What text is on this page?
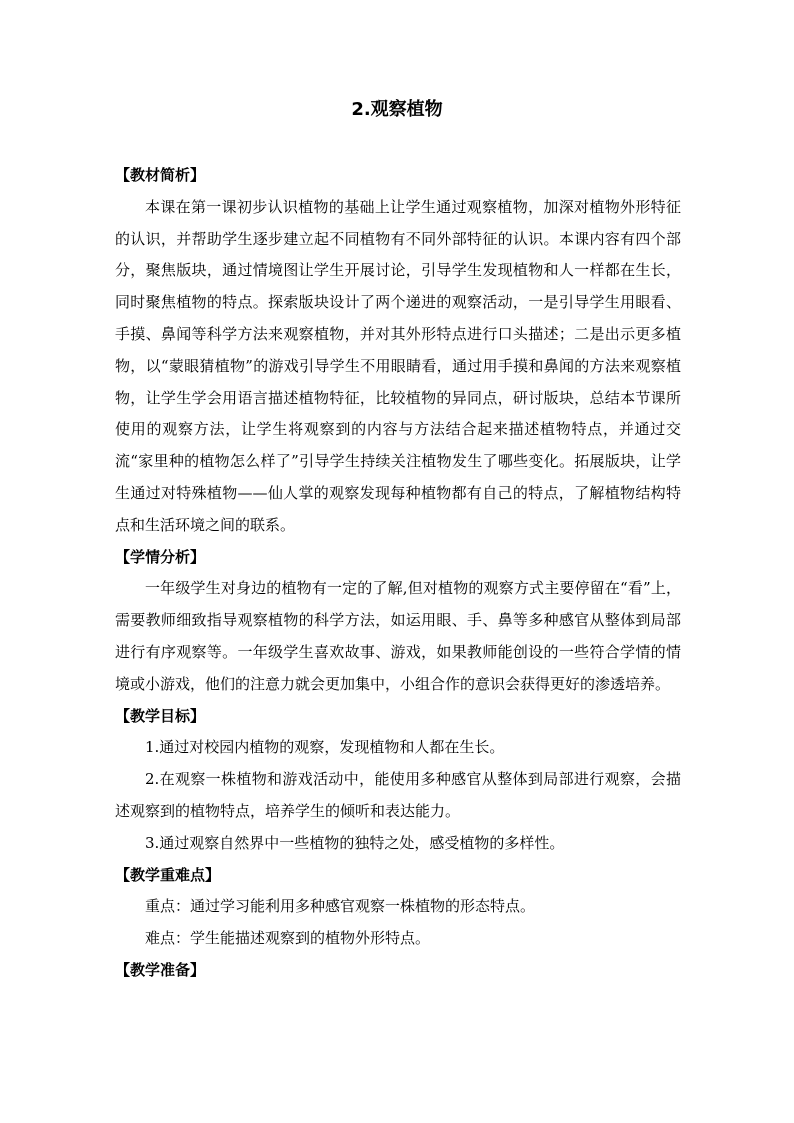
2.观察植物

【教材简析】

本课在第一课初步认识植物的基础上让学生通过观察植物，加深对植物外形特征的认识，并帮助学生逐步建立起不同植物有不同外部特征的认识。本课内容有四个部分，聚焦版块，通过情境图让学生开展讨论，引导学生发现植物和人一样都在生长，同时聚焦植物的特点。探索版块设计了两个递进的观察活动，一是引导学生用眼看、手摸、鼻闻等科学方法来观察植物，并对其外形特点进行口头描述；二是出示更多植物，以“蒙眼猜植物”的游戏引导学生不用眼睛看，通过用手摸和鼻闻的方法来观察植物，让学生学会用语言描述植物特征，比较植物的异同点，研讨版块，总结本节课所使用的观察方法，让学生将观察到的内容与方法结合起来描述植物特点，并通过交流“家里种的植物怎么样了”引导学生持续关注植物发生了哪些变化。拓展版块，让学生通过对特殊植物——仙人掌的观察发现每种植物都有自己的特点，了解植物结构特点和生活环境之间的联系。

【学情分析】

一年级学生对身边的植物有一定的了解,但对植物的观察方式主要停留在“看”上，需要教师细致指导观察植物的科学方法，如运用眼、手、鼻等多种感官从整体到局部进行有序观察等。一年级学生喜欢故事、游戏，如果教师能创设的一些符合学情的情境或小游戏，他们的注意力就会更加集中，小组合作的意识会获得更好的渗透培养。

【教学目标】

1.通过对校园内植物的观察，发现植物和人都在生长。

2.在观察一株植物和游戏活动中，能使用多种感官从整体到局部进行观察，会描述观察到的植物特点，培养学生的倾听和表达能力。

3.通过观察自然界中一些植物的独特之处，感受植物的多样性。

【教学重难点】

重点：通过学习能利用多种感官观察一株植物的形态特点。

难点：学生能描述观察到的植物外形特点。

【教学准备】
